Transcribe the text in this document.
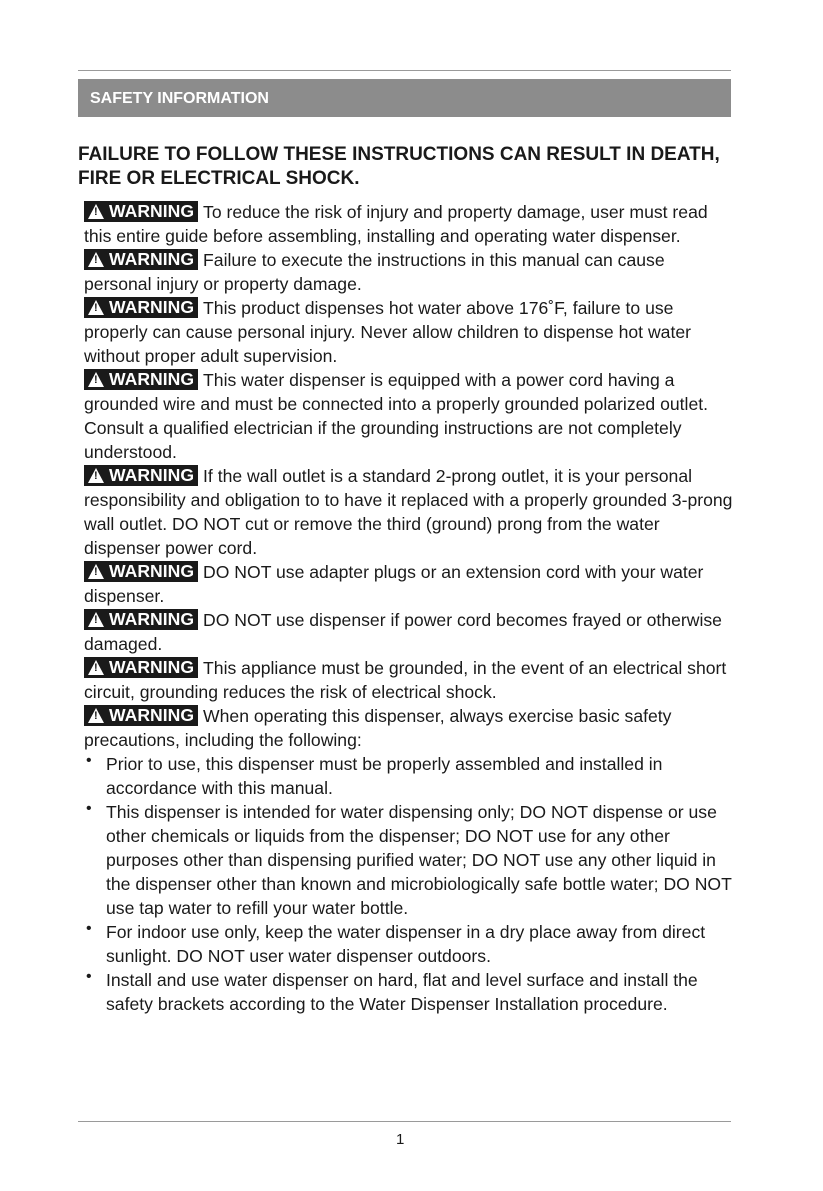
SAFETY INFORMATION
FAILURE TO FOLLOW THESE INSTRUCTIONS CAN RESULT IN DEATH, FIRE OR ELECTRICAL SHOCK.

!WARNING To reduce the risk of injury and property damage, user must read this entire guide before assembling, installing and operating water dispenser.

!WARNING Failure to execute the instructions in this manual can cause personal injury or property damage.

!WARNING This product dispenses hot water above 176˚F, failure to use properly can cause personal injury. Never allow children to dispense hot water without proper adult supervision.

!WARNING This water dispenser is equipped with a power cord having a grounded wire and must be connected into a properly grounded polarized outlet. Consult a qualified electrician if the grounding instructions are not completely understood.

!WARNING If the wall outlet is a standard 2-prong outlet, it is your personal responsibility and obligation to to have it replaced with a properly grounded 3-prong wall outlet. DO NOT cut or remove the third (ground) prong from the water dispenser power cord.

!WARNING DO NOT use adapter plugs or an extension cord with your water dispenser.

!WARNING DO NOT use dispenser if power cord becomes frayed or otherwise damaged.

!WARNING This appliance must be grounded, in the event of an electrical short circuit, grounding reduces the risk of electrical shock.

!WARNING When operating this dispenser, always exercise basic safety precautions, including the following:

• Prior to use, this dispenser must be properly assembled and installed in accordance with this manual.
• This dispenser is intended for water dispensing only; DO NOT dispense or use other chemicals or liquids from the dispenser; DO NOT use for any other purposes other than dispensing purified water; DO NOT use any other liquid in the dispenser other than known and microbiologically safe bottle water; DO NOT use tap water to refill your water bottle.
• For indoor use only, keep the water dispenser in a dry place away from direct sunlight. DO NOT user water dispenser outdoors.
• Install and use water dispenser on hard, flat and level surface and install the safety brackets according to the Water Dispenser Installation procedure.
1
